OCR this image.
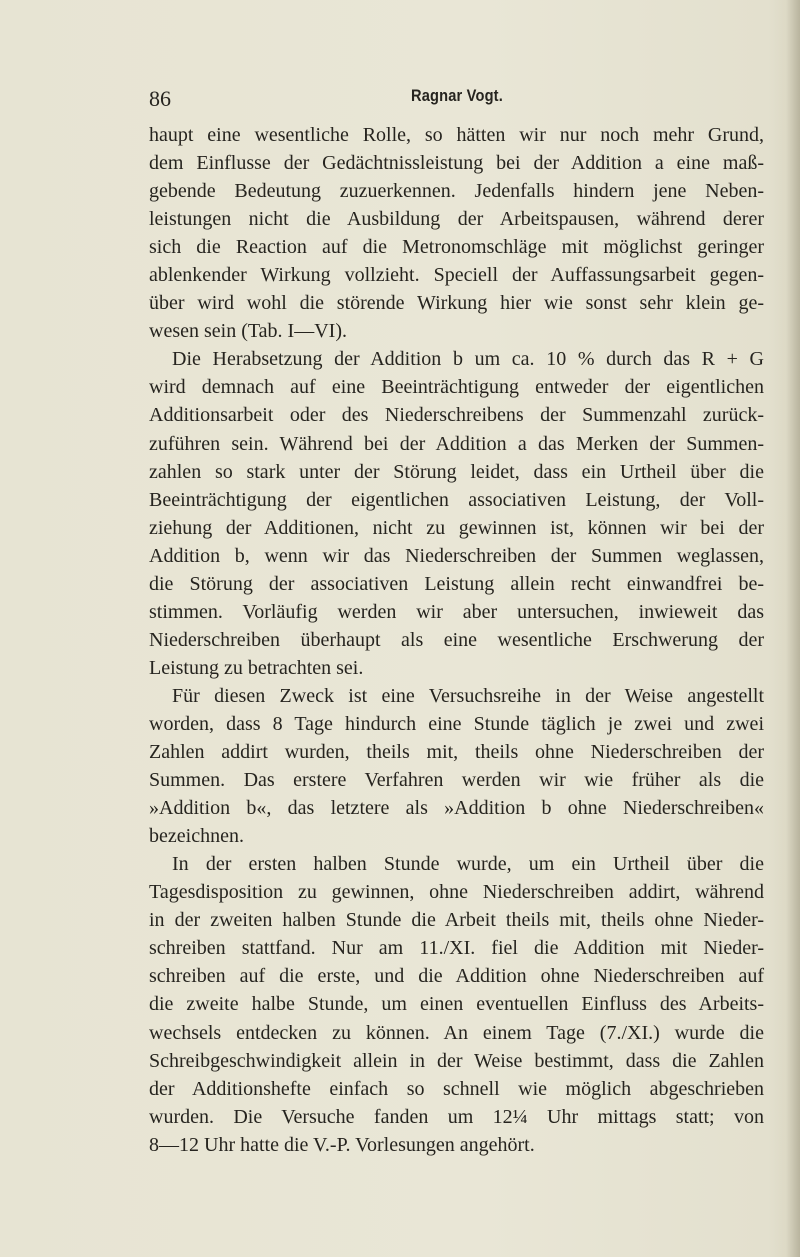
86	Ragnar Vogt.
haupt eine wesentliche Rolle, so hätten wir nur noch mehr Grund,
dem Einflusse der Gedächtnissleistung bei der Addition a eine maß-
gebende Bedeutung zuzuerkennen. Jedenfalls hindern jene Neben-
leistungen nicht die Ausbildung der Arbeitspausen, während derer
sich die Reaction auf die Metronomschläge mit möglichst geringer
ablenkender Wirkung vollzieht. Speciell der Auffassungsarbeit gegen-
über wird wohl die störende Wirkung hier wie sonst sehr klein ge-
wesen sein (Tab. I—VI).
Die Herabsetzung der Addition b um ca. 10 % durch das R + G
wird demnach auf eine Beeinträchtigung entweder der eigentlichen
Additionsarbeit oder des Niederschreibens der Summenzahl zurück-
zuführen sein. Während bei der Addition a das Merken der Summen-
zahlen so stark unter der Störung leidet, dass ein Urtheil über die
Beeinträchtigung der eigentlichen associativen Leistung, der Voll-
ziehung der Additionen, nicht zu gewinnen ist, können wir bei der
Addition b, wenn wir das Niederschreiben der Summen weglassen,
die Störung der associativen Leistung allein recht einwandfrei be-
stimmen. Vorläufig werden wir aber untersuchen, inwieweit das
Niederschreiben überhaupt als eine wesentliche Erschwerung der
Leistung zu betrachten sei.
Für diesen Zweck ist eine Versuchsreihe in der Weise angestellt
worden, dass 8 Tage hindurch eine Stunde täglich je zwei und zwei
Zahlen addirt wurden, theils mit, theils ohne Niederschreiben der
Summen. Das erstere Verfahren werden wir wie früher als die
»Addition b«, das letztere als »Addition b ohne Niederschreiben«
bezeichnen.
In der ersten halben Stunde wurde, um ein Urtheil über die
Tagesdisposition zu gewinnen, ohne Niederschreiben addirt, während
in der zweiten halben Stunde die Arbeit theils mit, theils ohne Nieder-
schreiben stattfand. Nur am 11./XI. fiel die Addition mit Nieder-
schreiben auf die erste, und die Addition ohne Niederschreiben auf
die zweite halbe Stunde, um einen eventuellen Einfluss des Arbeits-
wechsels entdecken zu können. An einem Tage (7./XI.) wurde die
Schreibgeschwindigkeit allein in der Weise bestimmt, dass die Zahlen
der Additionshefte einfach so schnell wie möglich abgeschrieben
wurden. Die Versuche fanden um 12¼ Uhr mittags statt; von
8—12 Uhr hatte die V.-P. Vorlesungen angehört.
